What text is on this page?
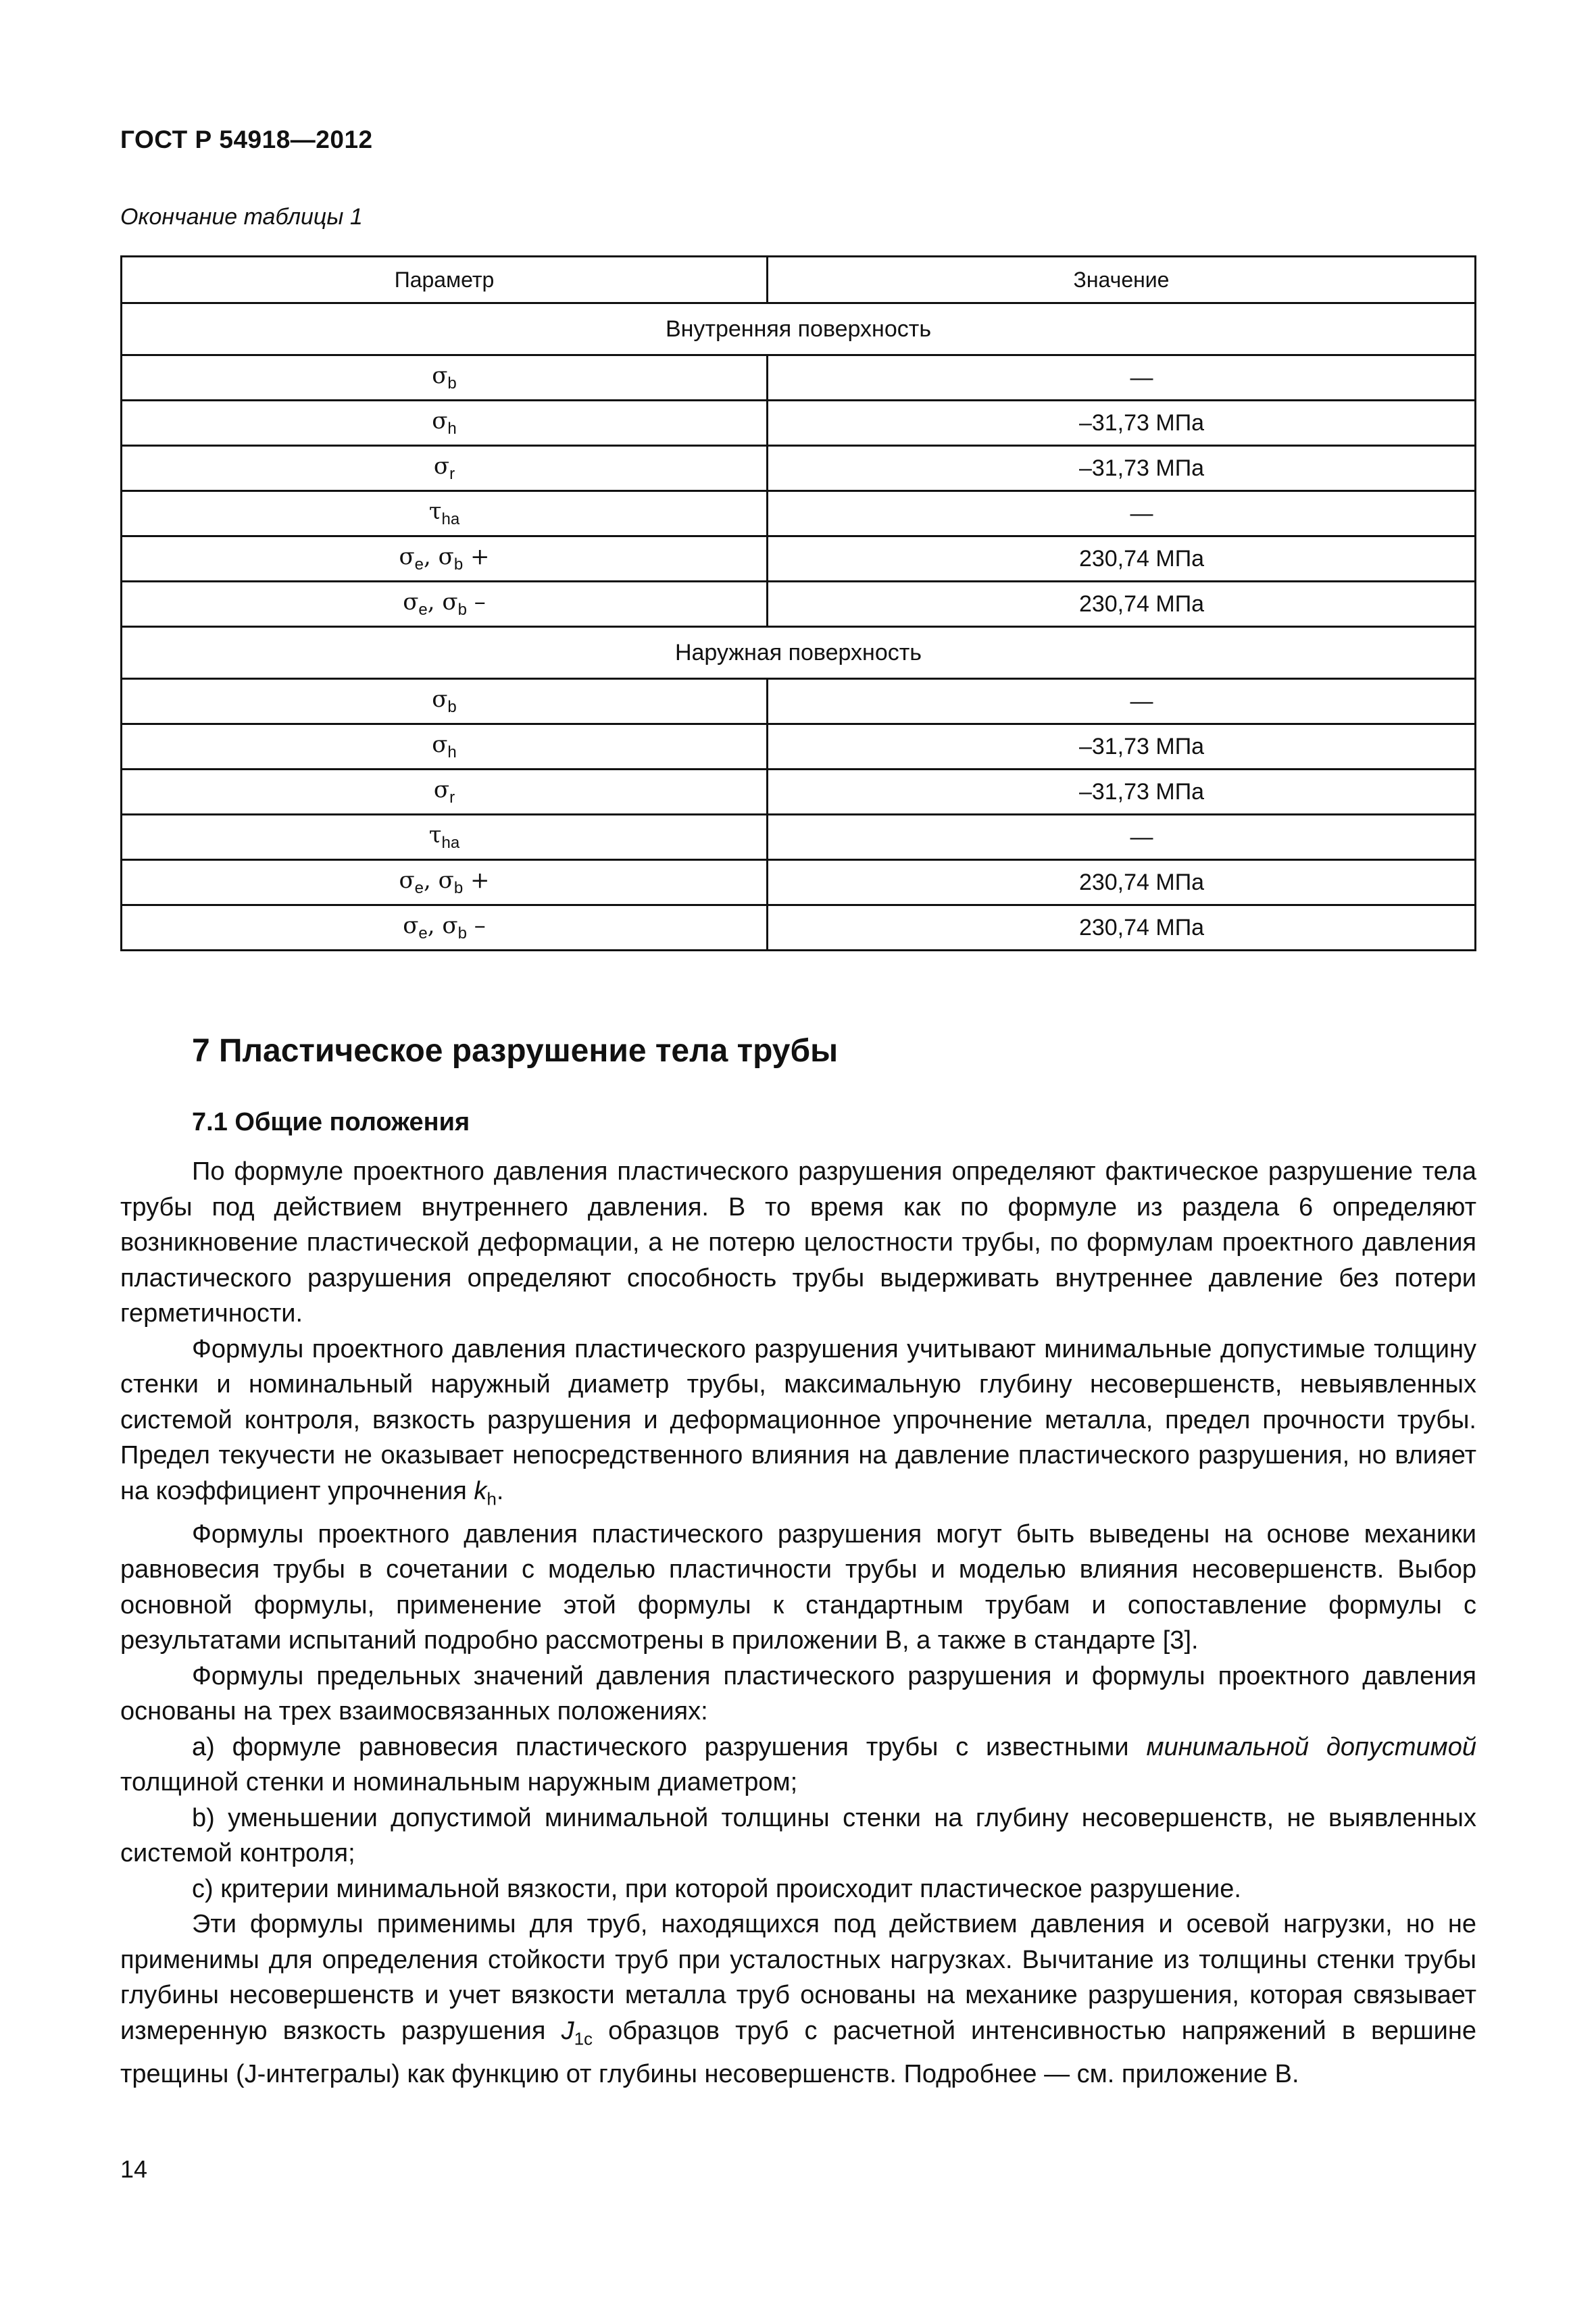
ГОСТ Р 54918—2012
Окончание таблицы 1
Параметр	Значение
Внутренняя поверхность	
$\sigma_b$	—
$\sigma_h$	–31,73 МПа
$\sigma_r$	–31,73 МПа
$\tau_{ha}$	—
$\sigma_e$, $\sigma_b$ +	230,74 МПа
$\sigma_e$, $\sigma_b$ –	230,74 МПа
Наружная поверхность	
$\sigma_b$	—
$\sigma_h$	–31,73 МПа
$\sigma_r$	–31,73 МПа
$\tau_{ha}$	—
$\sigma_e$, $\sigma_b$ +	230,74 МПа
$\sigma_e$, $\sigma_b$ –	230,74 МПа
7 Пластическое разрушение тела трубы
7.1 Общие положения

По формуле проектного давления пластического разрушения определяют фактическое разрушение тела трубы под действием внутреннего давления. В то время как по формуле из раздела 6 определяют возникновение пластической деформации, а не потерю целостности трубы, по формулам проектного давления пластического разрушения определяют способность трубы выдерживать внутреннее давление без потери герметичности.

Формулы проектного давления пластического разрушения учитывают минимальные допустимые толщину стенки и номинальный наружный диаметр трубы, максимальную глубину несовершенств, невыявленных системой контроля, вязкость разрушения и деформационное упрочнение металла, предел прочности трубы. Предел текучести не оказывает непосредственного влияния на давление пластического разрушения, но влияет на коэффициент упрочнения $k_h$.

Формулы проектного давления пластического разрушения могут быть выведены на основе механики равновесия трубы в сочетании с моделью пластичности трубы и моделью влияния несовершенств. Выбор основной формулы, применение этой формулы к стандартным трубам и сопоставление формулы с результатами испытаний подробно рассмотрены в приложении В, а также в стандарте [3].

Формулы предельных значений давления пластического разрушения и формулы проектного давления основаны на трех взаимосвязанных положениях:

а) формуле равновесия пластического разрушения трубы с известными минимальной допустимой толщиной стенки и номинальным наружным диаметром;

b) уменьшении допустимой минимальной толщины стенки на глубину несовершенств, не выявленных системой контроля;

с) критерии минимальной вязкости, при которой происходит пластическое разрушение.

Эти формулы применимы для труб, находящихся под действием давления и осевой нагрузки, но не применимы для определения стойкости труб при усталостных нагрузках. Вычитание из толщины стенки трубы глубины несовершенств и учет вязкости металла труб основаны на механике разрушения, которая связывает измеренную вязкость разрушения $J_{1c}$ образцов труб с расчетной интенсивностью напряжений в вершине трещины (J-интегралы) как функцию от глубины несовершенств. Подробнее — см. приложение В.

14
